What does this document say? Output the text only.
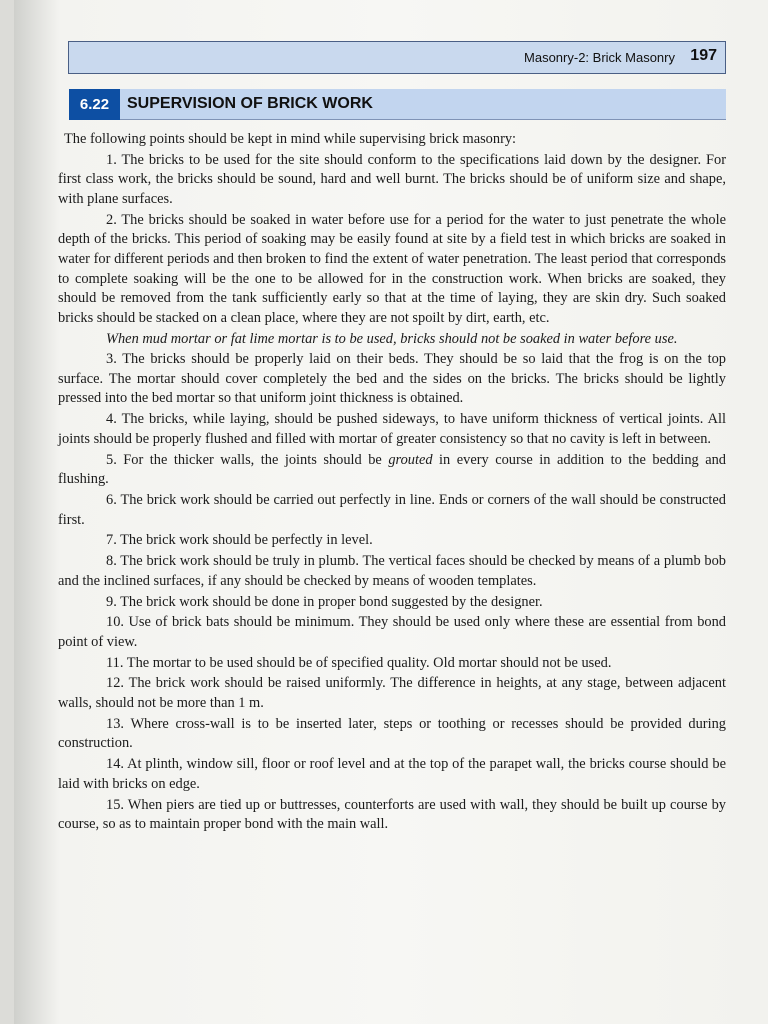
Masonry-2: Brick Masonry 197
6.22	SUPERVISION OF BRICK WORK

The following points should be kept in mind while supervising brick masonry:

1. The bricks to be used for the site should conform to the specifications laid down by the designer. For first class work, the bricks should be sound, hard and well burnt. The bricks should be of uniform size and shape, with plane surfaces.

2. The bricks should be soaked in water before use for a period for the water to just penetrate the whole depth of the bricks. This period of soaking may be easily found at site by a field test in which bricks are soaked in water for different periods and then broken to find the extent of water penetration. The least period that corresponds to complete soaking will be the one to be allowed for in the construction work. When bricks are soaked, they should be removed from the tank sufficiently early so that at the time of laying, they are skin dry. Such soaked bricks should be stacked on a clean place, where they are not spoilt by dirt, earth, etc.

When mud mortar or fat lime mortar is to be used, bricks should not be soaked in water before use.

3. The bricks should be properly laid on their beds. They should be so laid that the frog is on the top surface. The mortar should cover completely the bed and the sides on the bricks. The bricks should be lightly pressed into the bed mortar so that uniform joint thickness is obtained.

4. The bricks, while laying, should be pushed sideways, to have uniform thickness of vertical joints. All joints should be properly flushed and filled with mortar of greater consistency so that no cavity is left in between.

5. For the thicker walls, the joints should be grouted in every course in addition to the bedding and flushing.

6. The brick work should be carried out perfectly in line. Ends or corners of the wall should be constructed first.

7. The brick work should be perfectly in level.

8. The brick work should be truly in plumb. The vertical faces should be checked by means of a plumb bob and the inclined surfaces, if any should be checked by means of wooden templates.

9. The brick work should be done in proper bond suggested by the designer.

10. Use of brick bats should be minimum. They should be used only where these are essential from bond point of view.

11. The mortar to be used should be of specified quality. Old mortar should not be used.

12. The brick work should be raised uniformly. The difference in heights, at any stage, between adjacent walls, should not be more than 1 m.

13. Where cross-wall is to be inserted later, steps or toothing or recesses should be provided during construction.

14. At plinth, window sill, floor or roof level and at the top of the parapet wall, the bricks course should be laid with bricks on edge.

15. When piers are tied up or buttresses, counterforts are used with wall, they should be built up course by course, so as to maintain proper bond with the main wall.
